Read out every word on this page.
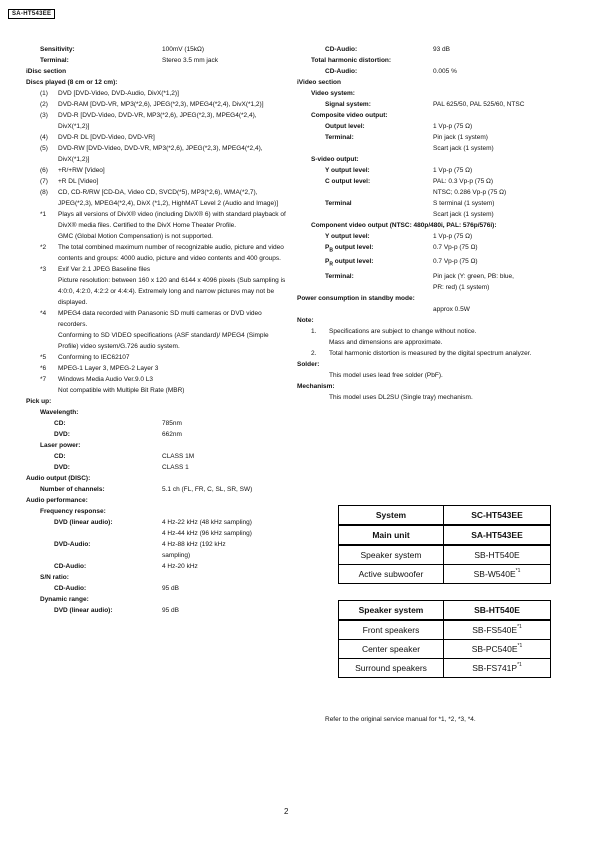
SA-HT543EE
Sensitivity:	100mV (15kΩ)
Terminal:	Stereo 3.5 mm jack
iDisc section
Discs played (8 cm or 12 cm):
(1)	DVD [DVD-Video, DVD-Audio, DivX(*1,2)]
(2)	DVD-RAM [DVD-VR, MP3(*2,6), JPEG(*2,3), MPEG4(*2,4), DivX(*1,2)]
(3)	DVD-R [DVD-Video, DVD-VR, MP3(*2,6), JPEG(*2,3), MPEG4(*2,4), DivX(*1,2)]
(4)	DVD-R DL [DVD-Video, DVD-VR]
(5)	DVD-RW [DVD-Video, DVD-VR, MP3(*2,6), JPEG(*2,3), MPEG4(*2,4), DivX(*1,2)]
(6)	+R/+RW [Video]
(7)	+R DL [Video]
(8)	CD, CD-R/RW [CD-DA, Video CD, SVCD(*5), MP3(*2,6), WMA(*2,7), JPEG(*2,3), MPEG4(*2,4), DivX (*1,2), HighMAT Level 2 (Audio and Image)]
*1	Plays all versions of DivX® video (including DivX® 6) with standard playback of DivX® media files. Certified to the DivX Home Theater Profile.
GMC (Global Motion Compensation) is not supported.
*2	The total combined maximum number of recognizable audio, picture and video contents and groups: 4000 audio, picture and video contents and 400 groups.
*3	Exif Ver 2.1 JPEG Baseline files
Picture resolution: between 160 x 120 and 6144 x 4096 pixels (Sub sampling is 4:0:0, 4:2:0, 4:2:2 or 4:4:4). Extremely long and narrow pictures may not be displayed.
*4	MPEG4 data recorded with Panasonic SD multi cameras or DVD video recorders.
Conforming to SD VIDEO specifications (ASF standard)/ MPEG4 (Simple Profile) video system/G.726 audio system.
*5	Conforming to IEC62107
*6	MPEG-1 Layer 3, MPEG-2 Layer 3
*7	Windows Media Audio Ver.9.0 L3
Not compatible with Multiple Bit Rate (MBR)
Pick up:
Wavelength:
CD:	785nm
DVD:	662nm
Laser power:
CD:	CLASS 1M
DVD:	CLASS 1
Audio output (DISC):
Number of channels:	5.1 ch (FL, FR, C, SL, SR, SW)
Audio performance:
Frequency response:
DVD (linear audio):	4 Hz-22 kHz (48 kHz sampling)
4 Hz-44 kHz (96 kHz sampling)
DVD-Audio:	4 Hz-88 kHz (192 kHz sampling)
CD-Audio:	4 Hz-20 kHz
S/N ratio:
CD-Audio:	95 dB
Dynamic range:
DVD (linear audio):	95 dB
CD-Audio:	93 dB
Total harmonic distortion:
CD-Audio:	0.005 %
iVideo section
Video system:
Signal system:	PAL 625/50, PAL 525/60, NTSC
Composite video output:
Output level:	1 Vp-p (75 Ω)
Terminal:	Pin jack (1 system)
Scart jack (1 system)
S-video output:
Y output level:	1 Vp-p (75 Ω)
C output level:	PAL: 0.3 Vp-p (75 Ω)
NTSC; 0.286 Vp-p (75 Ω)
Terminal	S terminal (1 system)
Scart jack (1 system)
Component video output (NTSC: 480p/480i, PAL: 576p/576i):
Y output level:	1 Vp-p (75 Ω)
$P_B$ output level:	0.7 Vp-p (75 Ω)
$P_R$ output level:	0.7 Vp-p (75 Ω)
Terminal:	Pin jack (Y: green, PB: blue,
PR: red) (1 system)
Power consumption in standby mode:
approx 0.5W
Note:
1.	Specifications are subject to change without notice.
Mass and dimensions are approximate.
2.	Total harmonic distortion is measured by the digital spectrum analyzer.
Solder:
This model uses lead free solder (PbF).
Mechanism:
This model uses DL2SU (Single tray) mechanism.
System	SC-HT543EE
Main unit	SA-HT543EE
Speaker system	SB-HT540E
Active subwoofer	$SB-W540E^{*1}$
Speaker system	SB-HT540E
Front speakers	$SB-FS540E^{*1}$
Center speaker	$SB-PC540E^{*1}$
Surround speakers	$SB-FS741P^{*1}$
Refer to the original service manual for *1, *2, *3, *4.
2
